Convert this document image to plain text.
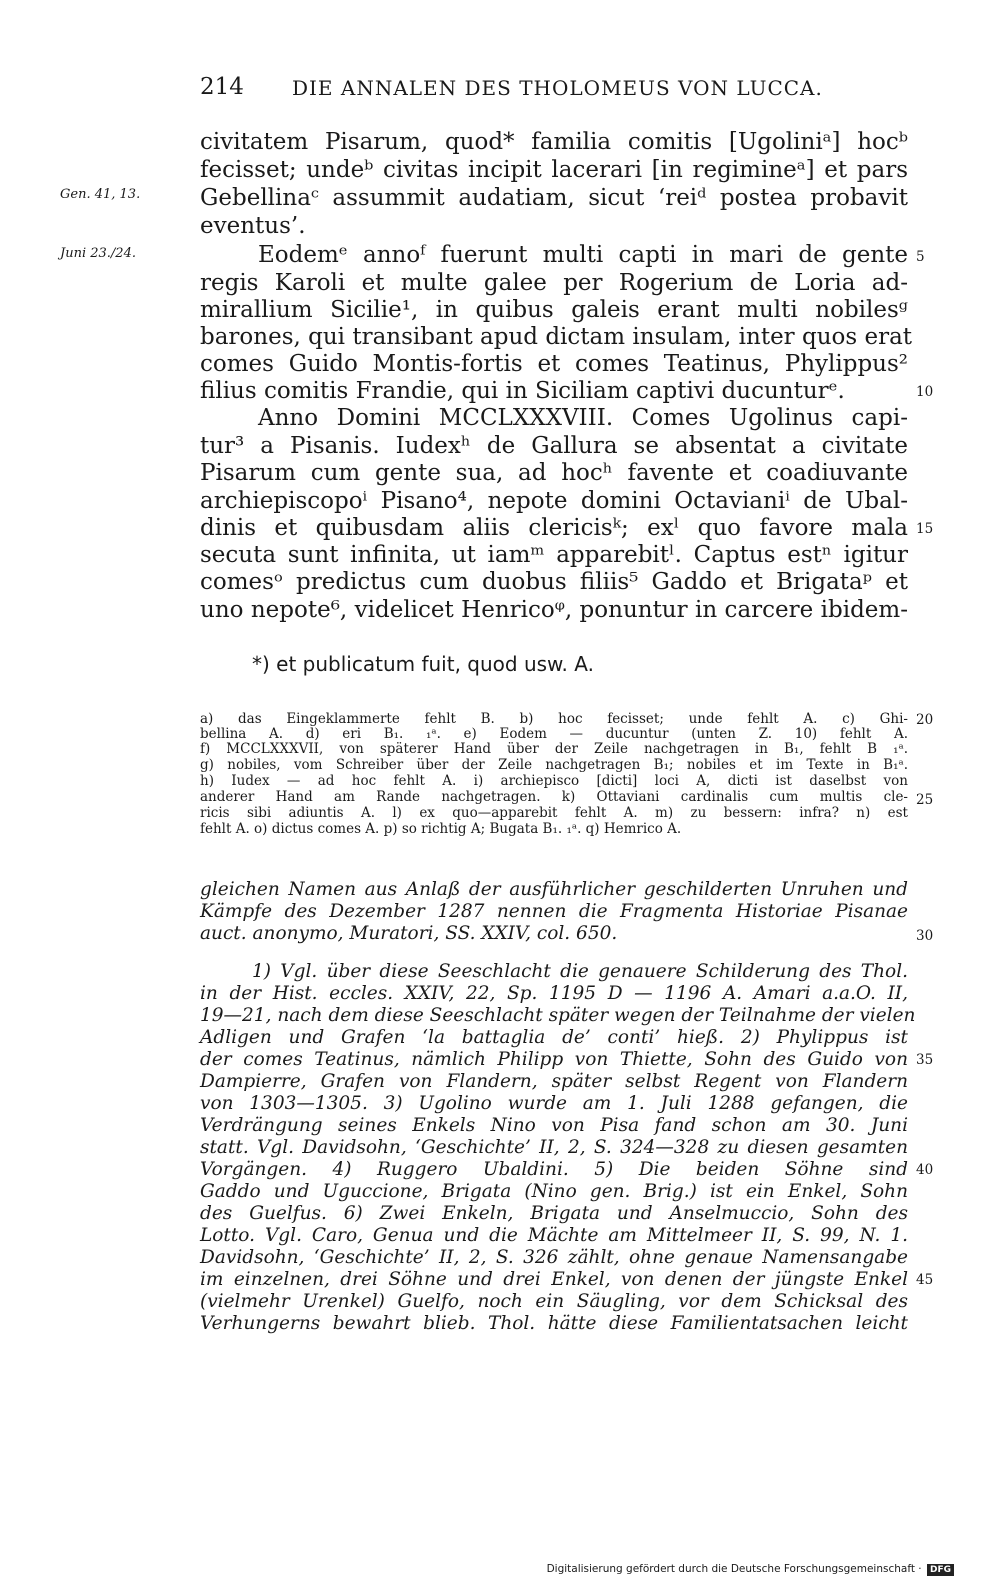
214 DIE ANNALEN DES THOLOMEUS VON LUCCA.
Gen. 41, 13.
Juni 23./24.
civitatem Pisarum, quod* familia comitis [Ugoliniᵃ] hocᵇ
fecisset; undeᵇ civitas incipit lacerari [in regimineᵃ] et pars
Gebellinaᶜ assummit audatiam, sicut ‘reiᵈ postea probavit
eventus’.
Eodemᵉ annoᶠ fuerunt multi capti in mari de gente
regis Karoli et multe galee per Rogerium de Loria ad-
mirallium Sicilie¹, in quibus galeis erant multi nobilesᵍ
barones, qui transibant apud dictam insulam, inter quos erat
comes Guido Montis-fortis et comes Teatinus, Phylippus²
filius comitis Frandie, qui in Siciliam captivi ducunturᵉ.
Anno Domini MCCLXXXVIII. Comes Ugolinus capi-
tur³ a Pisanis. Iudexʰ de Gallura se absentat a civitate
Pisarum cum gente sua, ad hocʰ favente et coadiuvante
archiepiscopoⁱ Pisano⁴, nepote domini Octavianiⁱ de Ubal-
dinis et quibusdam aliis clericisᵏ; exˡ quo favore mala
secuta sunt infinita, ut iamᵐ apparebitˡ. Captus estⁿ igitur
comesᵒ predictus cum duobus filiis⁵ Gaddo et Brigataᵖ et
uno nepote⁶, videlicet Henricoᵠ, ponuntur in carcere ibidem-
*) et publicatum fuit, quod usw. A.
a) das Eingeklammerte fehlt B. b) hoc fecisset; unde fehlt A. c) Ghi-
bellina A. d) eri B₁. ₁ᵃ. e) Eodem — ducuntur (unten Z. 10) fehlt A.
f) MCCLXXXVII, von späterer Hand über der Zeile nachgetragen in B₁, fehlt B ₁ᵃ.
g) nobiles, vom Schreiber über der Zeile nachgetragen B₁; nobiles et im Texte in B₁ᵃ.
h) Iudex — ad hoc fehlt A. i) archiepisco [dicti] loci A, dicti ist daselbst von
anderer Hand am Rande nachgetragen. k) Ottaviani cardinalis cum multis cle-
ricis sibi adiuntis A. l) ex quo—apparebit fehlt A. m) zu bessern: infra? n) est
fehlt A. o) dictus comes A. p) so richtig A; Bugata B₁. ₁ᵃ. q) Hemrico A.
gleichen Namen aus Anlaß der ausführlicher geschilderten Unruhen und
Kämpfe des Dezember 1287 nennen die Fragmenta Historiae Pisanae
auct. anonymo, Muratori, SS. XXIV, col. 650.
1) Vgl. über diese Seeschlacht die genauere Schilderung des Thol.
in der Hist. eccles. XXIV, 22, Sp. 1195 D — 1196 A. Amari a.a.O. II,
19—21, nach dem diese Seeschlacht später wegen der Teilnahme der vielen
Adligen und Grafen ‘la battaglia de’ conti’ hieß. 2) Phylippus ist
der comes Teatinus, nämlich Philipp von Thiette, Sohn des Guido von
Dampierre, Grafen von Flandern, später selbst Regent von Flandern
von 1303—1305. 3) Ugolino wurde am 1. Juli 1288 gefangen, die
Verdrängung seines Enkels Nino von Pisa fand schon am 30. Juni
statt. Vgl. Davidsohn, ‘Geschichte’ II, 2, S. 324—328 zu diesen gesamten
Vorgängen. 4) Ruggero Ubaldini. 5) Die beiden Söhne sind
Gaddo und Uguccione, Brigata (Nino gen. Brig.) ist ein Enkel, Sohn
des Guelfus. 6) Zwei Enkeln, Brigata und Anselmuccio, Sohn des
Lotto. Vgl. Caro, Genua und die Mächte am Mittelmeer II, S. 99, N. 1.
Davidsohn, ‘Geschichte’ II, 2, S. 326 zählt, ohne genaue Namensangabe
im einzelnen, drei Söhne und drei Enkel, von denen der jüngste Enkel
(vielmehr Urenkel) Guelfo, noch ein Säugling, vor dem Schicksal des
Verhungerns bewahrt blieb. Thol. hätte diese Familientatsachen leicht
5
10
15
20
25
30
35
40
45
Digitalisierung gefördert durch die Deutsche Forschungsgemeinschaft · DFG
